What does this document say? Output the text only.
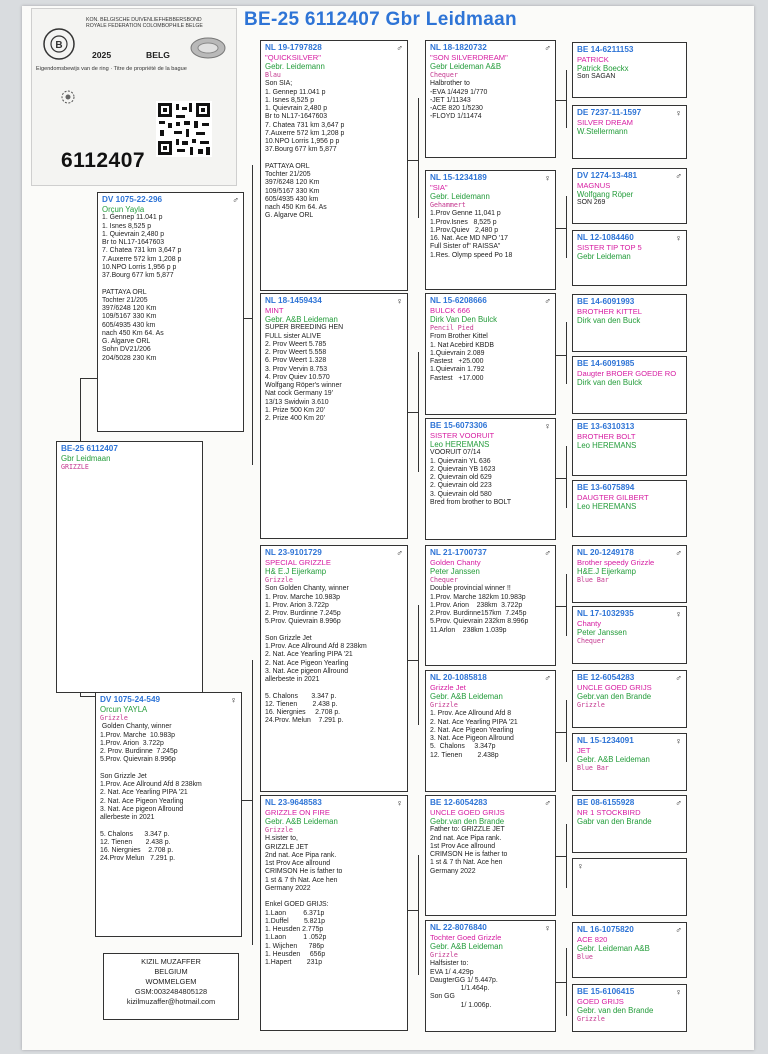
BE-25 6112407 Gbr Leidmaan
B
KON. BELGISCHE DUIVENLIEFHEBBERSBOND
ROYALE FEDERATION COLOMBOPHILE BELGE
2025	BELG
Eigendomsbewijs van de ring · Titre de propriété de la bague
6112407
BE-25 6112407
Gbr Leidmaan
GRIZZLE
DV 1075-22-296	♂
Orçun Yayla
1. Gennep 11.041 p
1. Isnes 8,525 p
1. Quievrain 2,480 p
Br to NL17-1647603
7. Chatea 731 km 3,647 p
7.Auxerre 572 km 1,208 p
10.NPO Lorris 1,956 p p
37.Bourg 677 km 5,877

PATTAYA ORL
Tochter 21/205
397/6248 120 Km
109/5167 330 Km
605/4935 430 km
nach 450 Km 64. As
G. Algarve ORL
Sohn DV21/206
204/5028 230 Km
DV 1075-24-549	♀
Orcun YAYLA
Grizzle
Golden Chanty, winner
1.Prov. Marche  10.983p
1.Prov. Arion  3.722p
2. Prov. Burdinne  7.245p
5.Prov. Quievrain 8.996p

Son Grizzle Jet
1.Prov. Ace Allround Afd 8 238km
2. Nat. Ace Yearling PIPA '21
2. Nat. Ace Pigeon Yearling
3. Nat. Ace pigeon Allround
allerbeste in 2021

5. Chalons      3.347 p.
12. Tienen       2.438 p.
16. Niergnies    2.708 p.
24.Prov Melun   7.291 p.
NL 19-1797828	♂
"QUICKSILVER"
Gebr. Leidemann
Blau
Son SIA;
1. Gennep 11.041 p
1. Isnes 8,525 p
1. Quievrain 2,480 p
Br to NL17-1647603
7. Chatea 731 km 3,647 p
7.Auxerre 572 km 1,208 p
10.NPO Lorris 1,956 p p
37.Bourg 677 km 5,877

PATTAYA ORL
Tochter 21/205
397/6248 120 Km
109/5167 330 Km
605/4935 430 km
nach 450 Km 64. As
G. Algarve ORL
NL 18-1459434	♀
MINT
Gebr. A&B Leideman
SUPER BREEDING HEN
FULL sister ALIVE
2. Prov Weert 5.785
2. Prov Weert 5.558
6. Prov Weert 1.328
3. Prov Vervin 8.753
4. Prov Quiev 10.570
Wolfgang Röper's winner
Nat cock Germany 19'
13/13 Swidwin 3.610
1. Prize 500 Km 20'
2. Prize 400 Km 20'
NL 23-9101729	♂
SPECIAL GRIZZLE
H& E.J Eijerkamp
Grizzle
Son Golden Chanty, winner
1. Prov. Marche 10.983p
1. Prov. Arion 3.722p
2. Prov. Burdinne 7.245p
5.Prov. Quievrain 8.996p

Son Grizzle Jet
1.Prov. Ace Allround Afd 8 238km
2. Nat. Ace Yearling PIPA '21
2. Nat. Ace Pigeon Yearling
3. Nat. Ace pigeon Allround
allerbeste in 2021

5. Chalons       3.347 p.
12. Tienen        2.438 p.
16. Niergnies     2.708 p.
24.Prov. Melun    7.291 p.
NL 23-9648583	♀
GRIZZLE ON FIRE
Gebr. A&B Leideman
Grizzle
H.sister to,
GRIZZLE JET
2nd nat. Ace Pipa rank.
1st Prov Ace allround
CRIMSON He is father to
1 st & 7 th Nat. Ace hen
Germany 2022

Enkel GOED GRIJS:
1.Laon         6.371p
1.Duffel        5.821p
1. Heusden 2.775p
1.Laon         1 .052p
1. Wijchen      786p
1. Heusden     656p
1.Hapert        231p
NL 18-1820732	♂
"SON SILVERDREAM"
Gebr Leideman A&B
Chequer
Halbrother to
-EVA 1/4429 1/770
-JET 1/11343
-ACE 820 1/5230
-FLOYD 1/11474
NL 15-1234189	♀
"SIA"
Gebr. Leidemann
Gehammert
1.Prov Genne 11,041 p
1.Prov.Isnes   8,525 p
1.Prov.Quiev   2,480 p
16. Nat. Ace MD NPO '17
Full Sister of" RAISSA"
1.Res. Olymp speed Po 18
NL 15-6208666	♂
BULCK 666
Dirk Van Den Bulck
Pencil Pied
From Brother Kittel
1. Nat Acebird KBDB
1.Quievrain 2.089
Fastest   +25.000
1.Quievrain 1.792
Fastest   +17.000
BE 15-6073306	♀
SISTER VOORUIT
Leo HEREMANS
VOORUIT 07/14
1. Quievrain YL 636
2. Quievrain YB 1623
2. Quievrain old 629
2. Quievrain old 223
3. Quievrain old 580
Bred from brother to BOLT
NL 21-1700737	♂
Golden Chanty
Peter Janssen
Chequer
Double provincial winner !!
1.Prov. Marche 182km 10.983p
1.Prov. Arion    238km  3.722p
2.Prov. Burdinne157km  7.245p
5.Prov. Quievrain 232km 8.996p
11.Arlon    238km 1.039p
NL 20-1085818	♂
Grizzle Jet
Gebr. A&B Leideman
Grizzle
1. Prov. Ace Allround Afd 8
2. Nat. Ace Yearling PIPA '21
2. Nat. Ace Pigeon Yearling
3. Nat. Ace Pigeon Allround
5.  Chalons     3.347p
12. Tienen        2.438p
BE 12-6054283	♂
UNCLE GOED GRIJS
Gebr.van den Brande
Father to: GRIZZLE JET
2nd nat. Ace Pipa rank.
1st Prov Ace allround
CRIMSON He is father to
1 st & 7 th Nat. Ace hen
Germany 2022
NL 22-8076840	♀
Tochter Goed Grizzle
Gebr. A&B Leideman
Grizzle
Halfsister to:
EVA 1/ 4.429p
DaugterGG 1/ 5.447p.
1/1.464p.
Son GG
1/ 1.006p.
BE 14-6211153
PATRICK
Patrick Boeckx
Son SAGAN
DE 7237-11-1597	♀
SILVER DREAM
W.Stellermann
DV 1274-13-481	♂
MAGNUS
Wolfgang Röper
SON 269
NL 12-1084460	♀
SISTER TIP TOP 5
Gebr Leideman
BE 14-6091993
BROTHER KITTEL
Dirk van den Buck
BE 14-6091985
Daugter BROER GOEDE RO
Dirk van den Bulck
BE 13-6310313
BROTHER BOLT
Leo HEREMANS
BE 13-6075894
DAUGTER GILBERT
Leo HEREMANS
NL 20-1249178	♂
Brother speedy Grizzle
H&E.J Eijerkamp
Blue Bar
NL 17-1032935	♀
Chanty
Peter Janssen
Chequer
BE 12-6054283	♂
UNCLE GOED GRIJS
Gebr.van den Brande
Grizzle
NL 15-1234091	♀
JET
Gebr. A&B Leideman
Blue Bar
BE 08-6155928	♂
NR 1 STOCKBIRD
Gabr van den Brande
♀
NL 16-1075820	♂
ACE 820
Gebr. Leideman A&B
Blue
BE 15-6106415	♀
GOED GRIJS
Gebr. van den Brande
Grizzle
KIZIL MUZAFFER
BELGIUM
WOMMELGEM
GSM:0032484805128
kizilmuzaffer@hotmail.com
